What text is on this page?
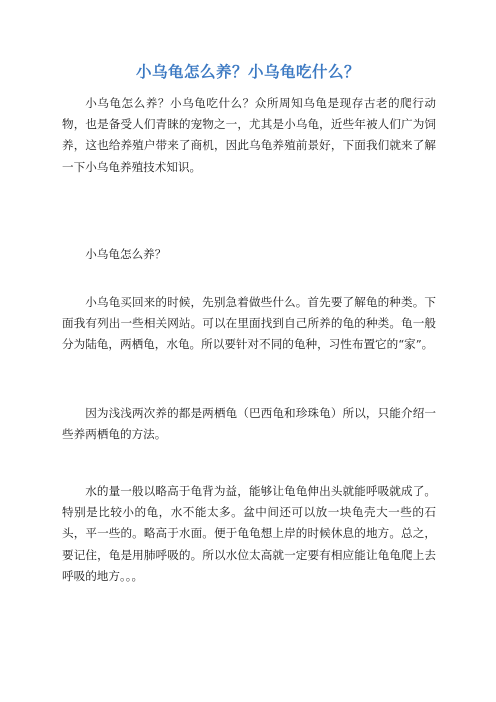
小乌龟怎么养？小乌龟吃什么？

小乌龟怎么养？小乌龟吃什么？众所周知乌龟是现存古老的爬行动物，也是备受人们青睐的宠物之一，尤其是小乌龟，近些年被人们广为饲养，这也给养殖户带来了商机，因此乌龟养殖前景好，下面我们就来了解一下小乌龟养殖技术知识。

小乌龟怎么养？

小乌龟买回来的时候，先别急着做些什么。首先要了解龟的种类。下面我有列出一些相关网站。可以在里面找到自己所养的龟的种类。龟一般分为陆龟，两栖龟，水龟。所以要针对不同的龟种，习性布置它的“家”。

因为浅浅两次养的都是两栖龟（巴西龟和珍珠龟）所以，只能介绍一些养两栖龟的方法。

水的量一般以略高于龟背为益，能够让龟龟伸出头就能呼吸就成了。特别是比较小的龟，水不能太多。盆中间还可以放一块龟壳大一些的石头，平一些的。略高于水面。便于龟龟想上岸的时候休息的地方。总之，要记住，龟是用肺呼吸的。所以水位太高就一定要有相应能让龟龟爬上去呼吸的地方。。。
